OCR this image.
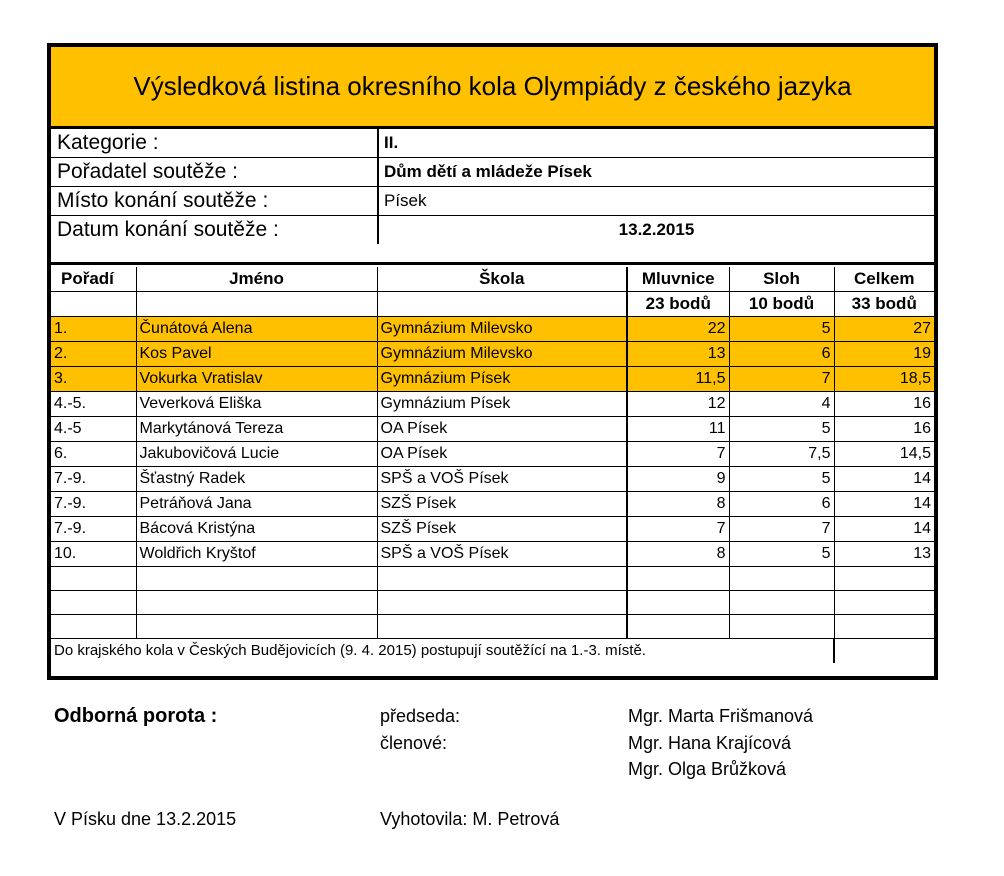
Výsledková listina okresního kola Olympiády z českého jazyka
Kategorie :	II.
Pořadatel soutěže :	Dům dětí a mládeže Písek
Místo konání soutěže :	Písek
Datum konání soutěže :	13.2.2015
Pořadí	Jméno	Škola	Mluvnice	Sloh	Celkem
			23 bodů	10 bodů	33 bodů
1.	Čunátová Alena	Gymnázium Milevsko	22	5	27
2.	Kos Pavel	Gymnázium Milevsko	13	6	19
3.	Vokurka Vratislav	Gymnázium Písek	11,5	7	18,5
4.-5.	Veverková Eliška	Gymnázium Písek	12	4	16
4.-5	Markytánová Tereza	OA Písek	11	5	16
6.	Jakubovičová Lucie	OA Písek	7	7,5	14,5
7.-9.	Šťastný Radek	SPŠ a VOŠ Písek	9	5	14
7.-9.	Petráňová Jana	SZŠ Písek	8	6	14
7.-9.	Bácová Kristýna	SZŠ Písek	7	7	14
10.	Woldřich Kryštof	SPŠ a VOŠ Písek	8	5	13

Do krajského kola v Českých Budějovicích (9. 4. 2015) postupují soutěžící na 1.-3. místě.					
Odborná porota :	předseda:	Mgr. Marta Frišmanová
členové:	Mgr. Hana Krajícová
Mgr. Olga Brůžková
V Písku dne 13.2.2015	Vyhotovila: M. Petrová
